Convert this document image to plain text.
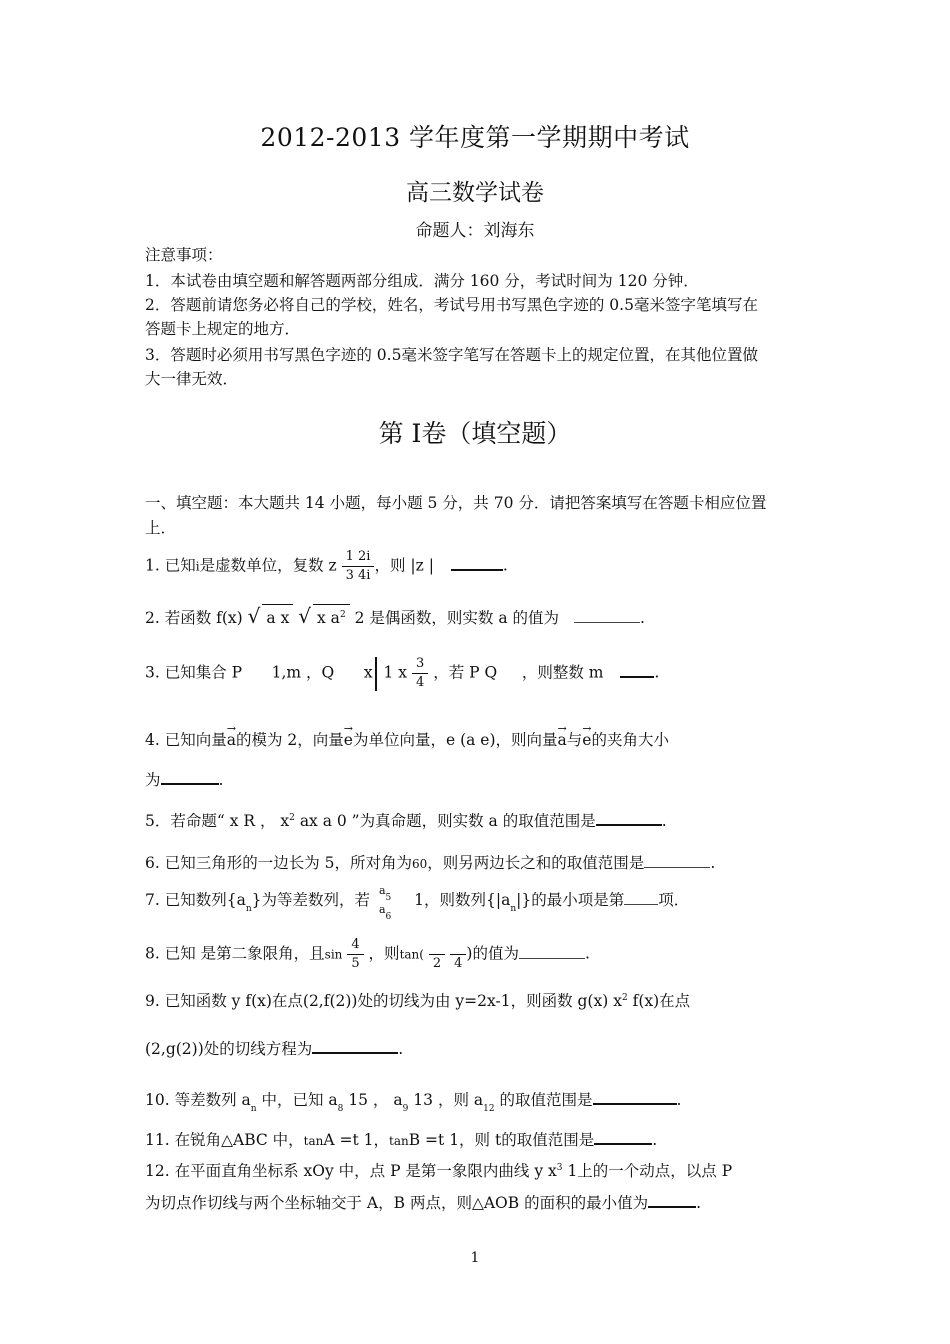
2012-2013 学年度第一学期期中考试
高三数学试卷
命题人：刘海东
注意事项：
1．本试卷由填空题和解答题两部分组成．满分 160 分，考试时间为 120 分钟．
2．答题前请您务必将自己的学校，姓名，考试号用书写黑色字迹的 0.5毫米签字笔填写在
答题卡上规定的地方．
3．答题时必须用书写黑色字迹的 0.5毫米签字笔写在答题卡上的规定位置，在其他位置做
大一律无效．
第 I卷（填空题）
一、填空题：本大题共 14 小题，每小题 5 分，共 70 分．请把答案填写在答题卡相应位置
上．
1. 已知i是虚数单位，复数 z $\frac{1 2i}{3 4i}$ ，则 |z |	.
2. 若函数 f(x) √ a x √ x $a^2$ 2 是偶函数，则实数 a 的值为	.
3. 已知集合 P 1,m ，Q x 1 x $\frac{3}{4}$ ，若 P Q ，则整数 m	.
4. 已知向量→ a的模为 2，向量→ e为单位向量，e (a e)，则向量→ a与→ e的夹角大小
为	.
5．若命题“ x R ， $x^2$ ax a 0 ”为真命题，则实数 a 的取值范围是	.
6. 已知三角形的一边长为 5，所对角为60，则另两边长之和的取值范围是	.
7. 已知数列$\{a_n\}$为等差数列，若
$a_5$
$a_6$
1，则数列$\{|a_n|\}$的最小项是第 项．
8. 已知 是第二象限角，且$\sin \frac{4}{5}$ ，则tan(

2

4
)的值为	.
9. 已知函数 y f(x)在点(2,f(2))处的切线为由 y=2x-1，则函数 g(x) $x^2$ f(x)在点
(2,g(2))处的切线方程为	.
10. 等差数列 $a_n$ 中，已知 $a_8$ 15 ， $a_9$ 13 ，则 $a_{12}$ 的取值范围是	.
11. 在锐角△ABC 中，tanA =t 1，tanB =t 1，则 t的取值范围是	.
12. 在平面直角坐标系 xOy 中，点 P 是第一象限内曲线 y $x^3$ 1上的一个动点，以点 P
为切点作切线与两个坐标轴交于 A，B 两点，则△AOB 的面积的最小值为	.
1
